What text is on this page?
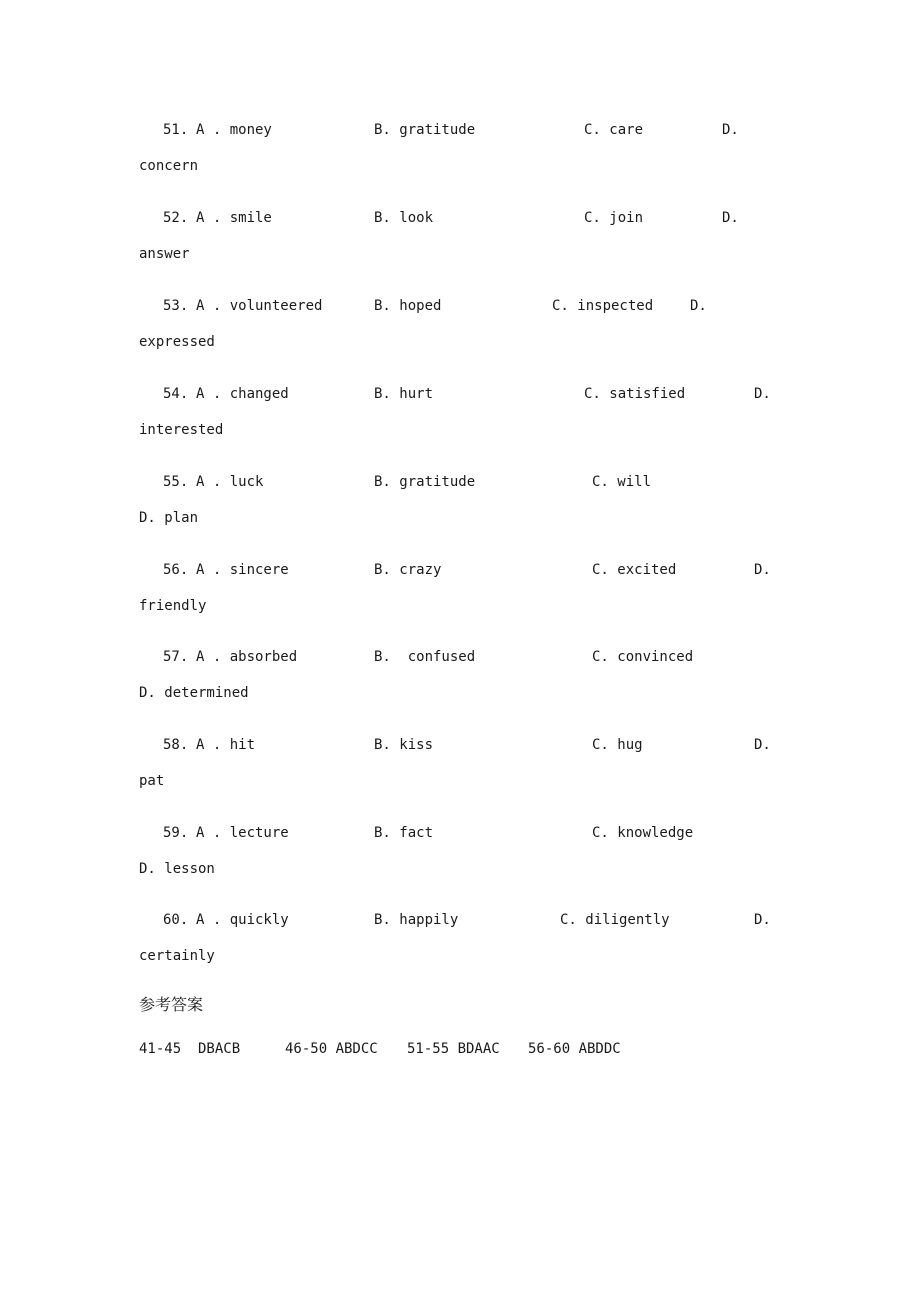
51. A . money	B. gratitude	C. care	D.
concern
52. A . smile	B. look	C. join	D.
answer
53. A . volunteered	B. hoped	C. inspected	D.
expressed
54. A . changed	B. hurt	C. satisfied	D.
interested
55. A . luck	B. gratitude	C. will
D. plan
56. A . sincere	B. crazy	C. excited	D.
friendly
57. A . absorbed	B.  confused	C. convinced
D. determined
58. A . hit	B. kiss	C. hug	D.
pat
59. A . lecture	B. fact	C. knowledge
D. lesson
60. A . quickly	B. happily	C. diligently	D.
certainly
参考答案
41-45  DBACB	46-50 ABDCC 51-55 BDAAC 56-60 ABDDC
